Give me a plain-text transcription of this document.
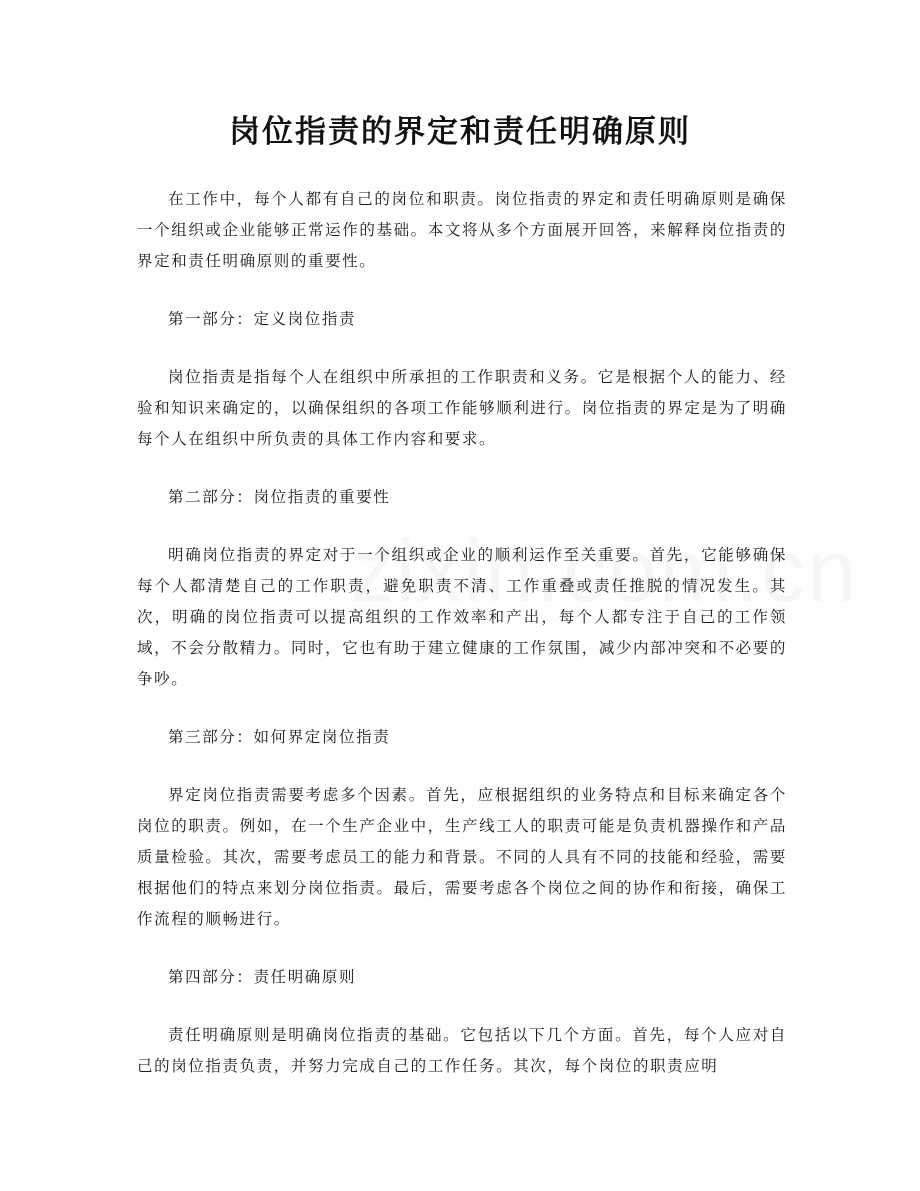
岗位指责的界定和责任明确原则

在工作中，每个人都有自己的岗位和职责。岗位指责的界定和责任明确原则是确保一个组织或企业能够正常运作的基础。本文将从多个方面展开回答，来解释岗位指责的界定和责任明确原则的重要性。

第一部分：定义岗位指责

岗位指责是指每个人在组织中所承担的工作职责和义务。它是根据个人的能力、经验和知识来确定的，以确保组织的各项工作能够顺利进行。岗位指责的界定是为了明确每个人在组织中所负责的具体工作内容和要求。

第二部分：岗位指责的重要性

明确岗位指责的界定对于一个组织或企业的顺利运作至关重要。首先，它能够确保每个人都清楚自己的工作职责，避免职责不清、工作重叠或责任推脱的情况发生。其次，明确的岗位指责可以提高组织的工作效率和产出，每个人都专注于自己的工作领域，不会分散精力。同时，它也有助于建立健康的工作氛围，减少内部冲突和不必要的争吵。

第三部分：如何界定岗位指责

界定岗位指责需要考虑多个因素。首先，应根据组织的业务特点和目标来确定各个岗位的职责。例如，在一个生产企业中，生产线工人的职责可能是负责机器操作和产品质量检验。其次，需要考虑员工的能力和背景。不同的人具有不同的技能和经验，需要根据他们的特点来划分岗位指责。最后，需要考虑各个岗位之间的协作和衔接，确保工作流程的顺畅进行。

第四部分：责任明确原则

责任明确原则是明确岗位指责的基础。它包括以下几个方面。首先，每个人应对自己的岗位指责负责，并努力完成自己的工作任务。其次，每个岗位的职责应明
